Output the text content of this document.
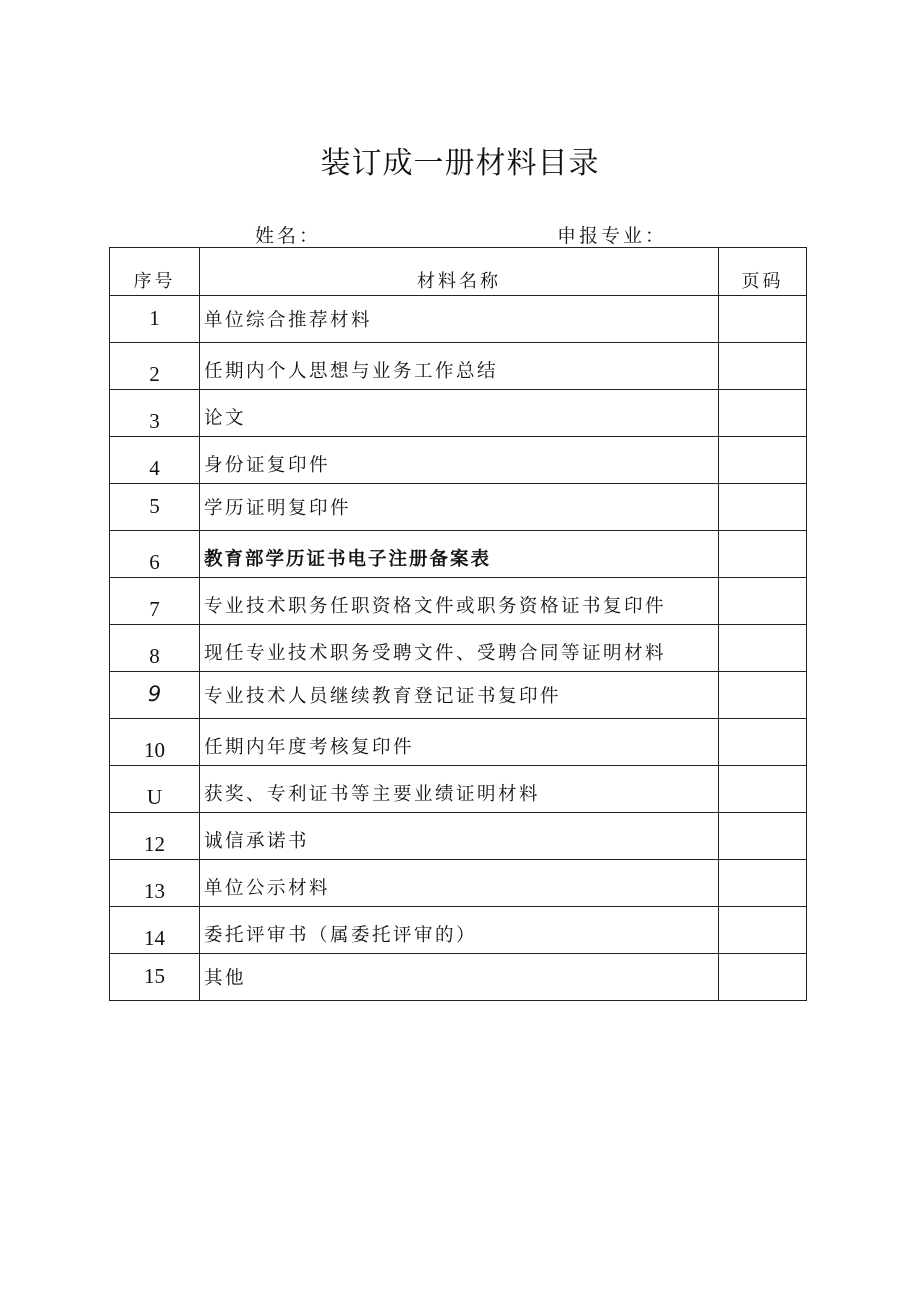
装订成一册材料目录
姓名：	申报专业：
序号	材料名称	页码
1	单位综合推荐材料	
2	任期内个人思想与业务工作总结	
3	论文	
4	身份证复印件	
5	学历证明复印件	
6	教育部学历证书电子注册备案表	
7	专业技术职务任职资格文件或职务资格证书复印件	
8	现任专业技术职务受聘文件、受聘合同等证明材料	
9	专业技术人员继续教育登记证书复印件	
10	任期内年度考核复印件	
U	获奖、专利证书等主要业绩证明材料	
12	诚信承诺书	
13	单位公示材料	
14	委托评审书（属委托评审的）	
15	其他	
